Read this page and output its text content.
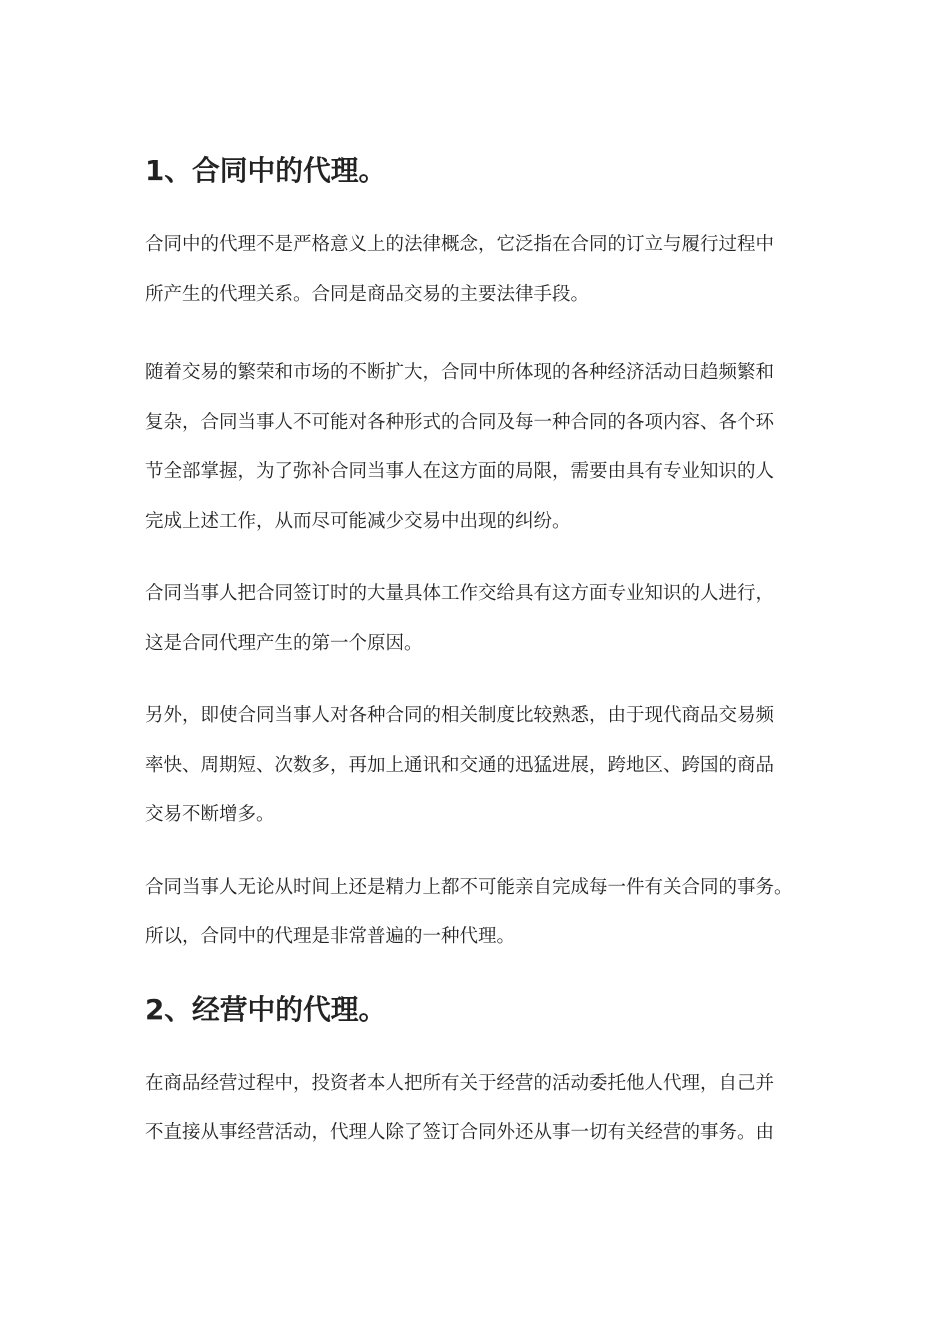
1、合同中的代理。

合同中的代理不是严格意义上的法律概念，它泛指在合同的订立与履行过程中
所产生的代理关系。合同是商品交易的主要法律手段。

随着交易的繁荣和市场的不断扩大，合同中所体现的各种经济活动日趋频繁和
复杂，合同当事人不可能对各种形式的合同及每一种合同的各项内容、各个环
节全部掌握，为了弥补合同当事人在这方面的局限，需要由具有专业知识的人
完成上述工作，从而尽可能减少交易中出现的纠纷。

合同当事人把合同签订时的大量具体工作交给具有这方面专业知识的人进行，
这是合同代理产生的第一个原因。

另外，即使合同当事人对各种合同的相关制度比较熟悉，由于现代商品交易频
率快、周期短、次数多，再加上通讯和交通的迅猛进展，跨地区、跨国的商品
交易不断增多。

合同当事人无论从时间上还是精力上都不可能亲自完成每一件有关合同的事务。
所以，合同中的代理是非常普遍的一种代理。

2、经营中的代理。

在商品经营过程中，投资者本人把所有关于经营的活动委托他人代理，自己并
不直接从事经营活动，代理人除了签订合同外还从事一切有关经营的事务。由
